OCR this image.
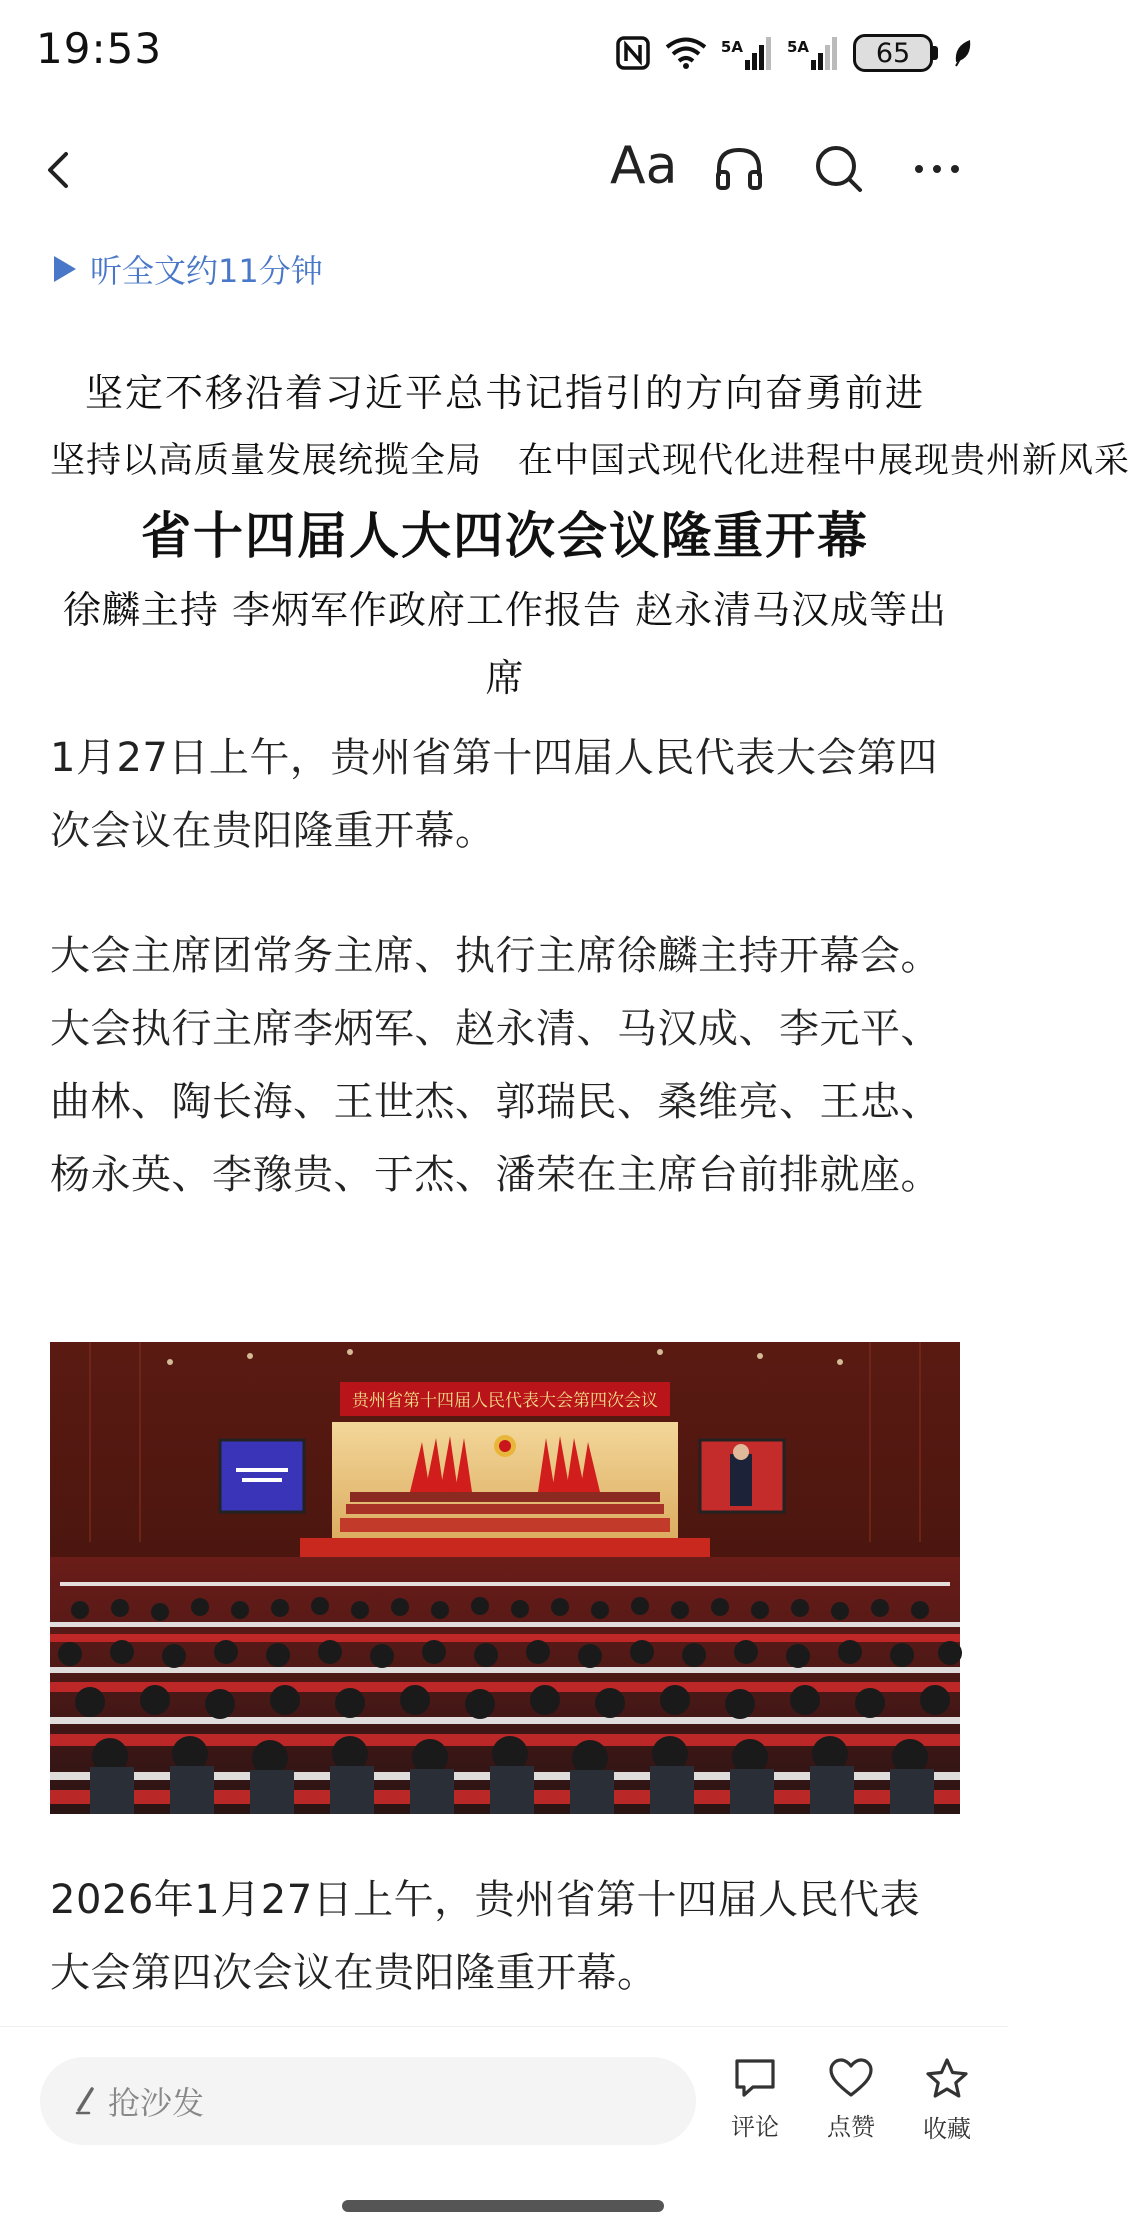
19:53	5A	5A	65
Aa
听全文约11分钟
坚定不移沿着习近平总书记指引的方向奋勇前进
坚持以高质量发展统揽全局　在中国式现代化进程中展现贵州新风采
省十四届人大四次会议隆重开幕
徐麟主持 李炳军作政府工作报告 赵永清马汉成等出席
1月27日上午，贵州省第十四届人民代表大会第四次会议在贵阳隆重开幕。
大会主席团常务主席、执行主席徐麟主持开幕会。大会执行主席李炳军、赵永清、马汉成、李元平、曲林、陶长海、王世杰、郭瑞民、桑维亮、王忠、杨永英、李豫贵、于杰、潘荣在主席台前排就座。
贵州省第十四届人民代表大会第四次会议
2026年1月27日上午，贵州省第十四届人民代表大会第四次会议在贵阳隆重开幕。
抢沙发
评论	点赞	收藏
